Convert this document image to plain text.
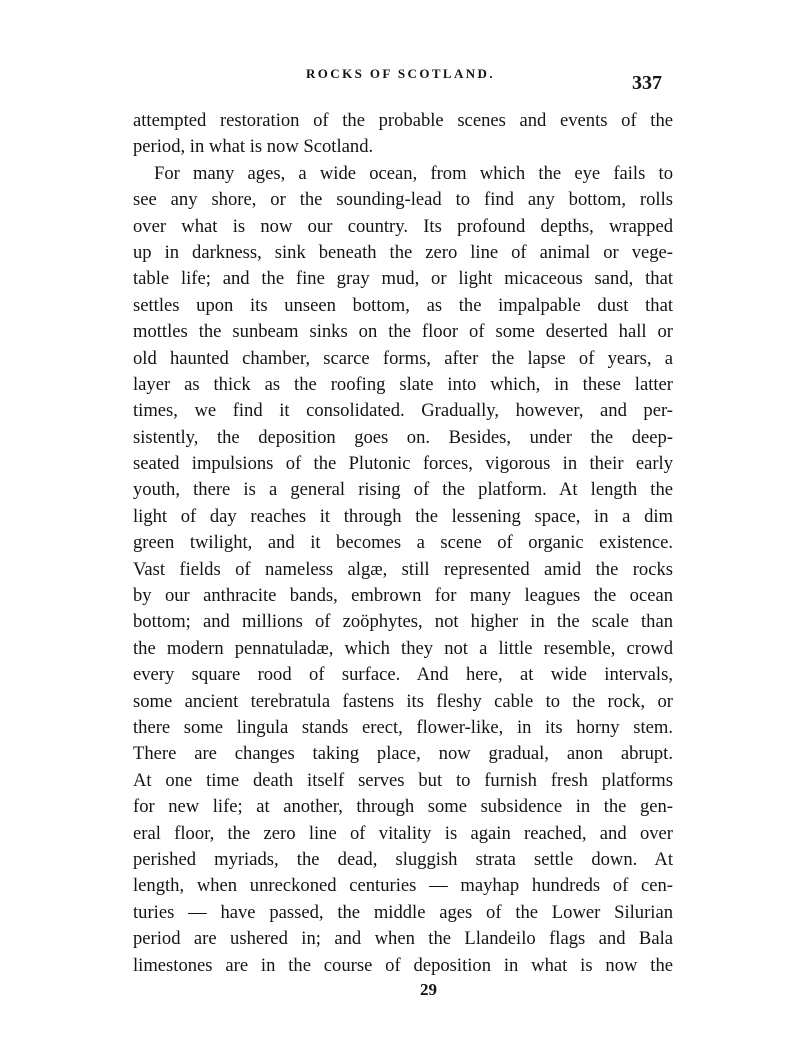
ROCKS OF SCOTLAND.	337
attempted restoration of the probable scenes and events of the
period, in what is now Scotland.
For many ages, a wide ocean, from which the eye fails to
see any shore, or the sounding-lead to find any bottom, rolls
over what is now our country. Its profound depths, wrapped
up in darkness, sink beneath the zero line of animal or vege-
table life; and the fine gray mud, or light micaceous sand, that
settles upon its unseen bottom, as the impalpable dust that
mottles the sunbeam sinks on the floor of some deserted hall or
old haunted chamber, scarce forms, after the lapse of years, a
layer as thick as the roofing slate into which, in these latter
times, we find it consolidated. Gradually, however, and per-
sistently, the deposition goes on. Besides, under the deep-
seated impulsions of the Plutonic forces, vigorous in their early
youth, there is a general rising of the platform. At length the
light of day reaches it through the lessening space, in a dim
green twilight, and it becomes a scene of organic existence.
Vast fields of nameless algæ, still represented amid the rocks
by our anthracite bands, embrown for many leagues the ocean
bottom; and millions of zoöphytes, not higher in the scale than
the modern pennatuladæ, which they not a little resemble, crowd
every square rood of surface. And here, at wide intervals,
some ancient terebratula fastens its fleshy cable to the rock, or
there some lingula stands erect, flower-like, in its horny stem.
There are changes taking place, now gradual, anon abrupt.
At one time death itself serves but to furnish fresh platforms
for new life; at another, through some subsidence in the gen-
eral floor, the zero line of vitality is again reached, and over
perished myriads, the dead, sluggish strata settle down. At
length, when unreckoned centuries — mayhap hundreds of cen-
turies — have passed, the middle ages of the Lower Silurian
period are ushered in; and when the Llandeilo flags and Bala
limestones are in the course of deposition in what is now the
29
